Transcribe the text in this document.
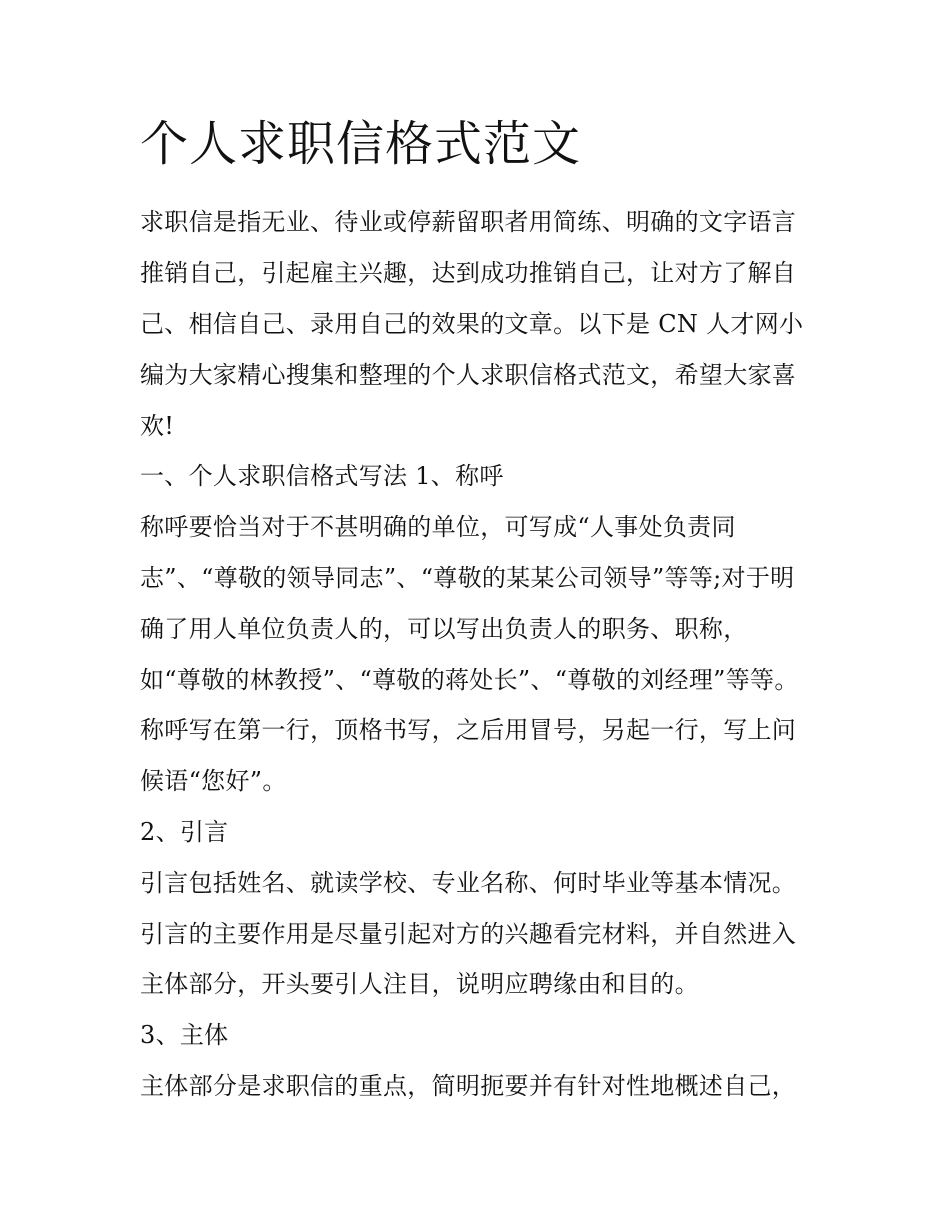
个人求职信格式范文
求职信是指无业、待业或停薪留职者用简练、明确的文字语言
推销自己，引起雇主兴趣，达到成功推销自己，让对方了解自
己、相信自己、录用自己的效果的文章。以下是 CN 人才网小
编为大家精心搜集和整理的个人求职信格式范文，希望大家喜
欢!
一、个人求职信格式写法 1、称呼
称呼要恰当对于不甚明确的单位，可写成“人事处负责同
志”、“尊敬的领导同志”、“尊敬的某某公司领导”等等;对于明
确了用人单位负责人的，可以写出负责人的职务、职称，
如“尊敬的林教授”、“尊敬的蒋处长”、“尊敬的刘经理”等等。
称呼写在第一行，顶格书写，之后用冒号，另起一行，写上问
候语“您好”。
2、引言
引言包括姓名、就读学校、专业名称、何时毕业等基本情况。
引言的主要作用是尽量引起对方的兴趣看完材料，并自然进入
主体部分，开头要引人注目，说明应聘缘由和目的。
3、主体
主体部分是求职信的重点，简明扼要并有针对性地概述自己，
